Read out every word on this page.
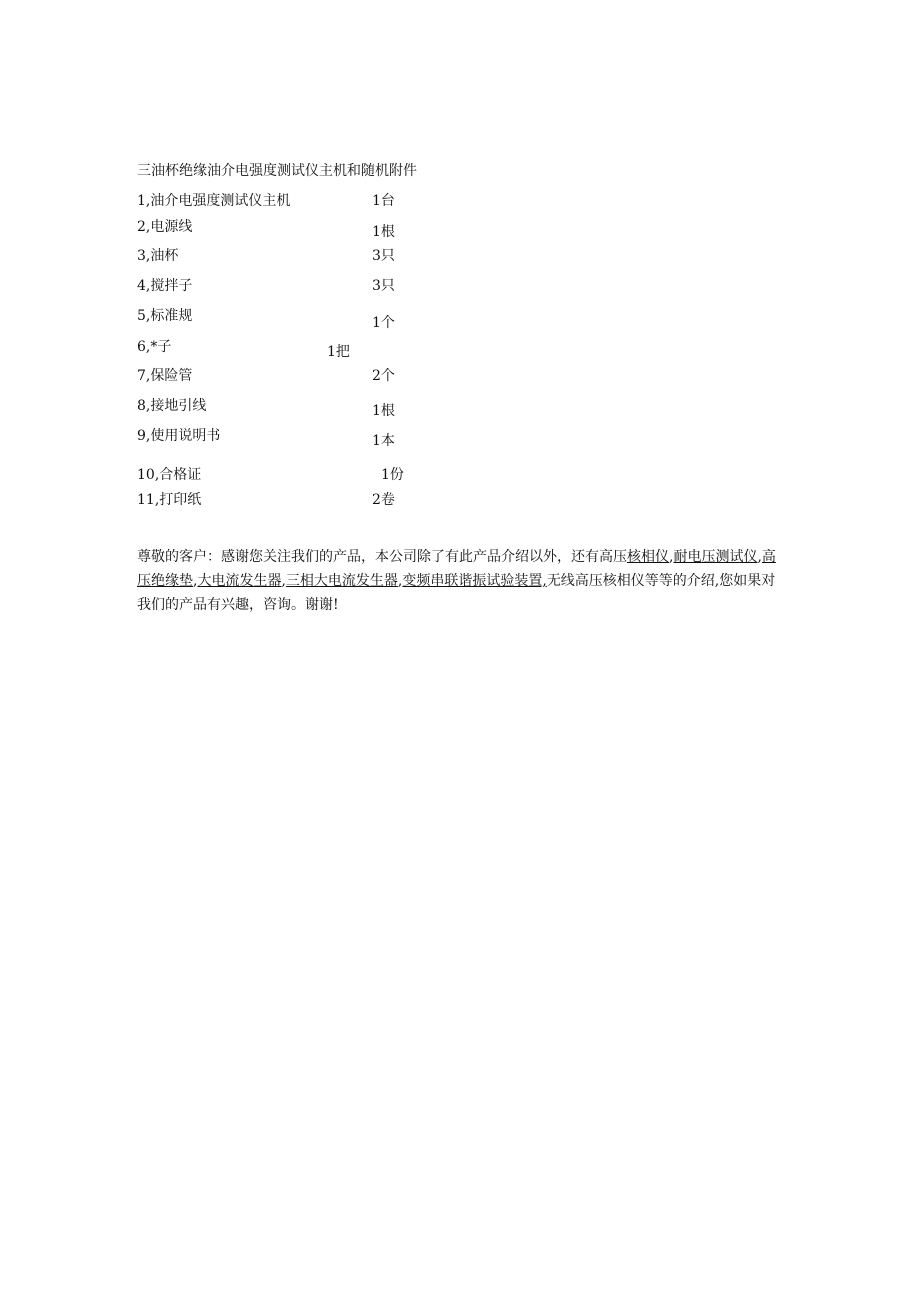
三油杯绝缘油介电强度测试仪主机和随机附件
1,油介电强度测试仪主机	1台
2,电源线	1根
3,油杯	3只
4,搅拌子	3只
5,标准规	1个
6,*子	1把
7,保险管	2个
8,接地引线	1根
9,使用说明书	1本
10,合格证	1份
11,打印纸	2卷
尊敬的客户：感谢您关注我们的产品，本公司除了有此产品介绍以外，还有高压核相仪,耐电压测试仪,高压绝缘垫,大电流发生器,三相大电流发生器,变频串联谐振试验装置,无线高压核相仪等等的介绍,您如果对我们的产品有兴趣，咨询。谢谢!
